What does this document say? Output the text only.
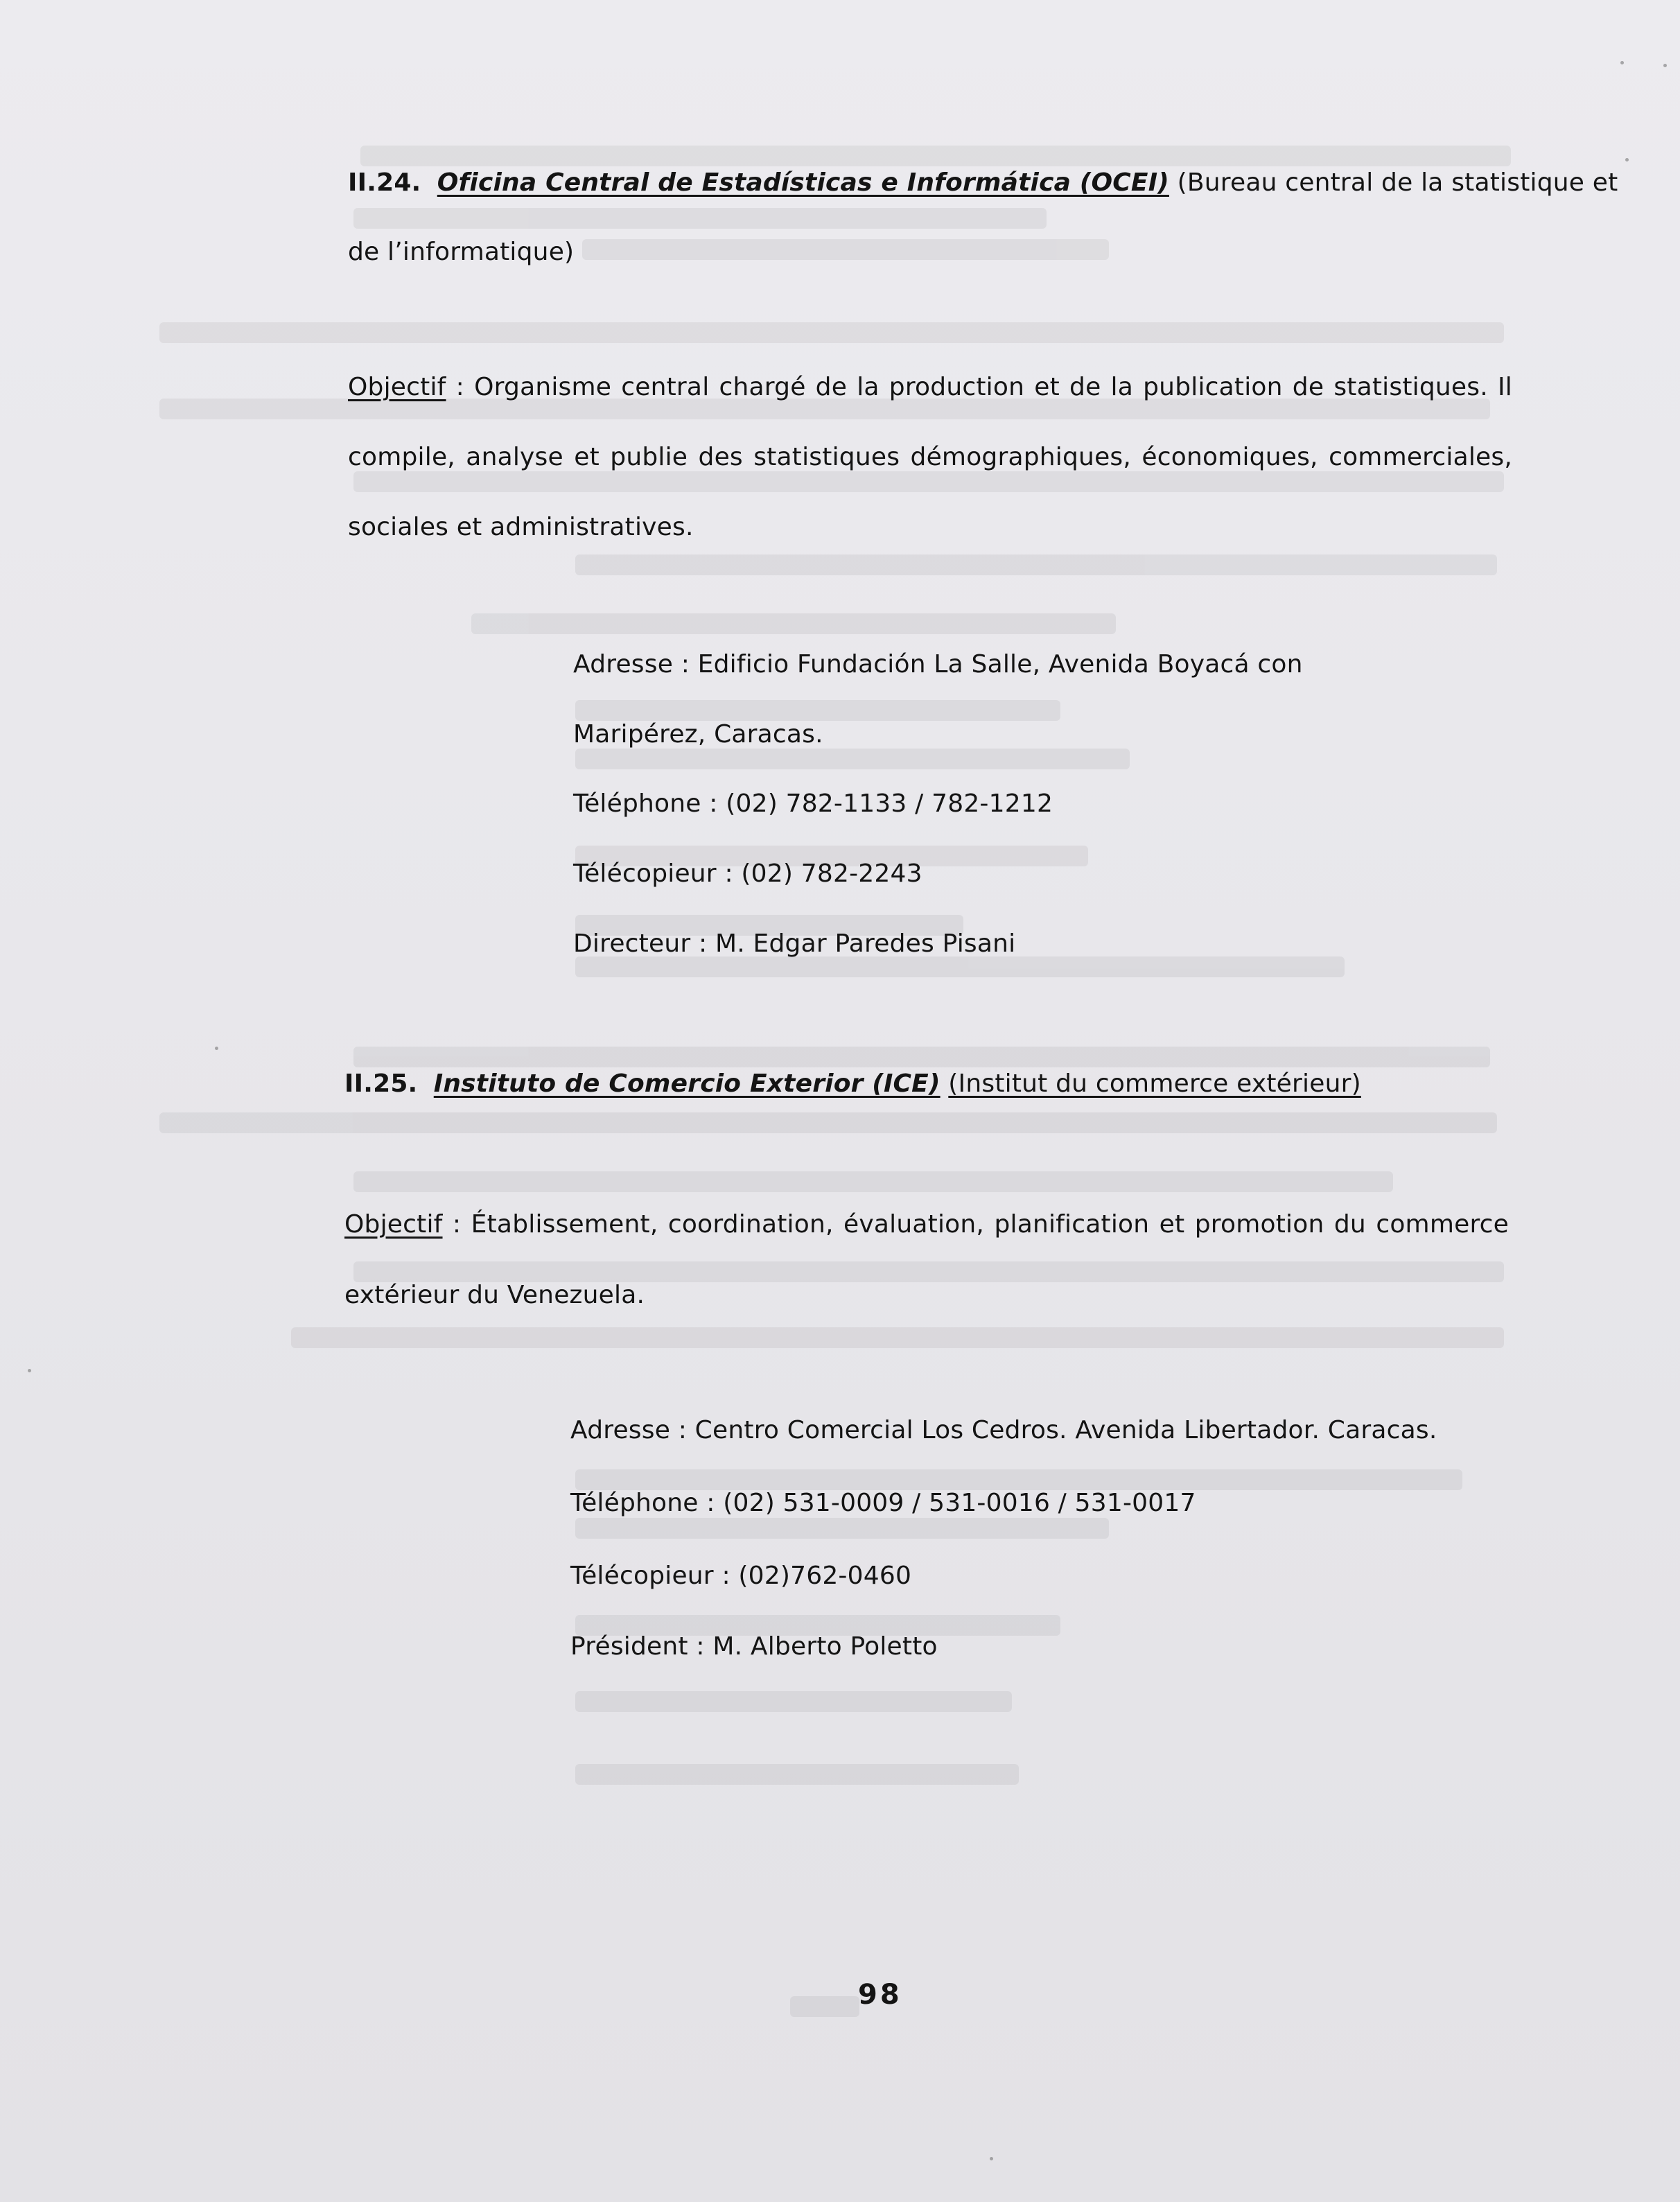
II.24. Oficina Central de Estadísticas e Informática (OCEI) (Bureau central de la statistique et
de l’informatique)
Objectif : Organisme central chargé de la production et de la publication de statistiques. Il
compile, analyse et publie des statistiques démographiques, économiques, commerciales,
sociales et administratives.
Adresse : Edificio Fundación La Salle, Avenida Boyacá con
Maripérez, Caracas.
Téléphone : (02) 782-1133 / 782-1212
Télécopieur : (02) 782-2243
Directeur : M. Edgar Paredes Pisani
II.25. Instituto de Comercio Exterior (ICE) (Institut du commerce extérieur)
Objectif : Établissement, coordination, évaluation, planification et promotion du commerce
extérieur du Venezuela.
Adresse : Centro Comercial Los Cedros. Avenida Libertador. Caracas.
Téléphone : (02) 531-0009 / 531-0016 / 531-0017
Télécopieur : (02)762-0460
Président : M. Alberto Poletto
98
